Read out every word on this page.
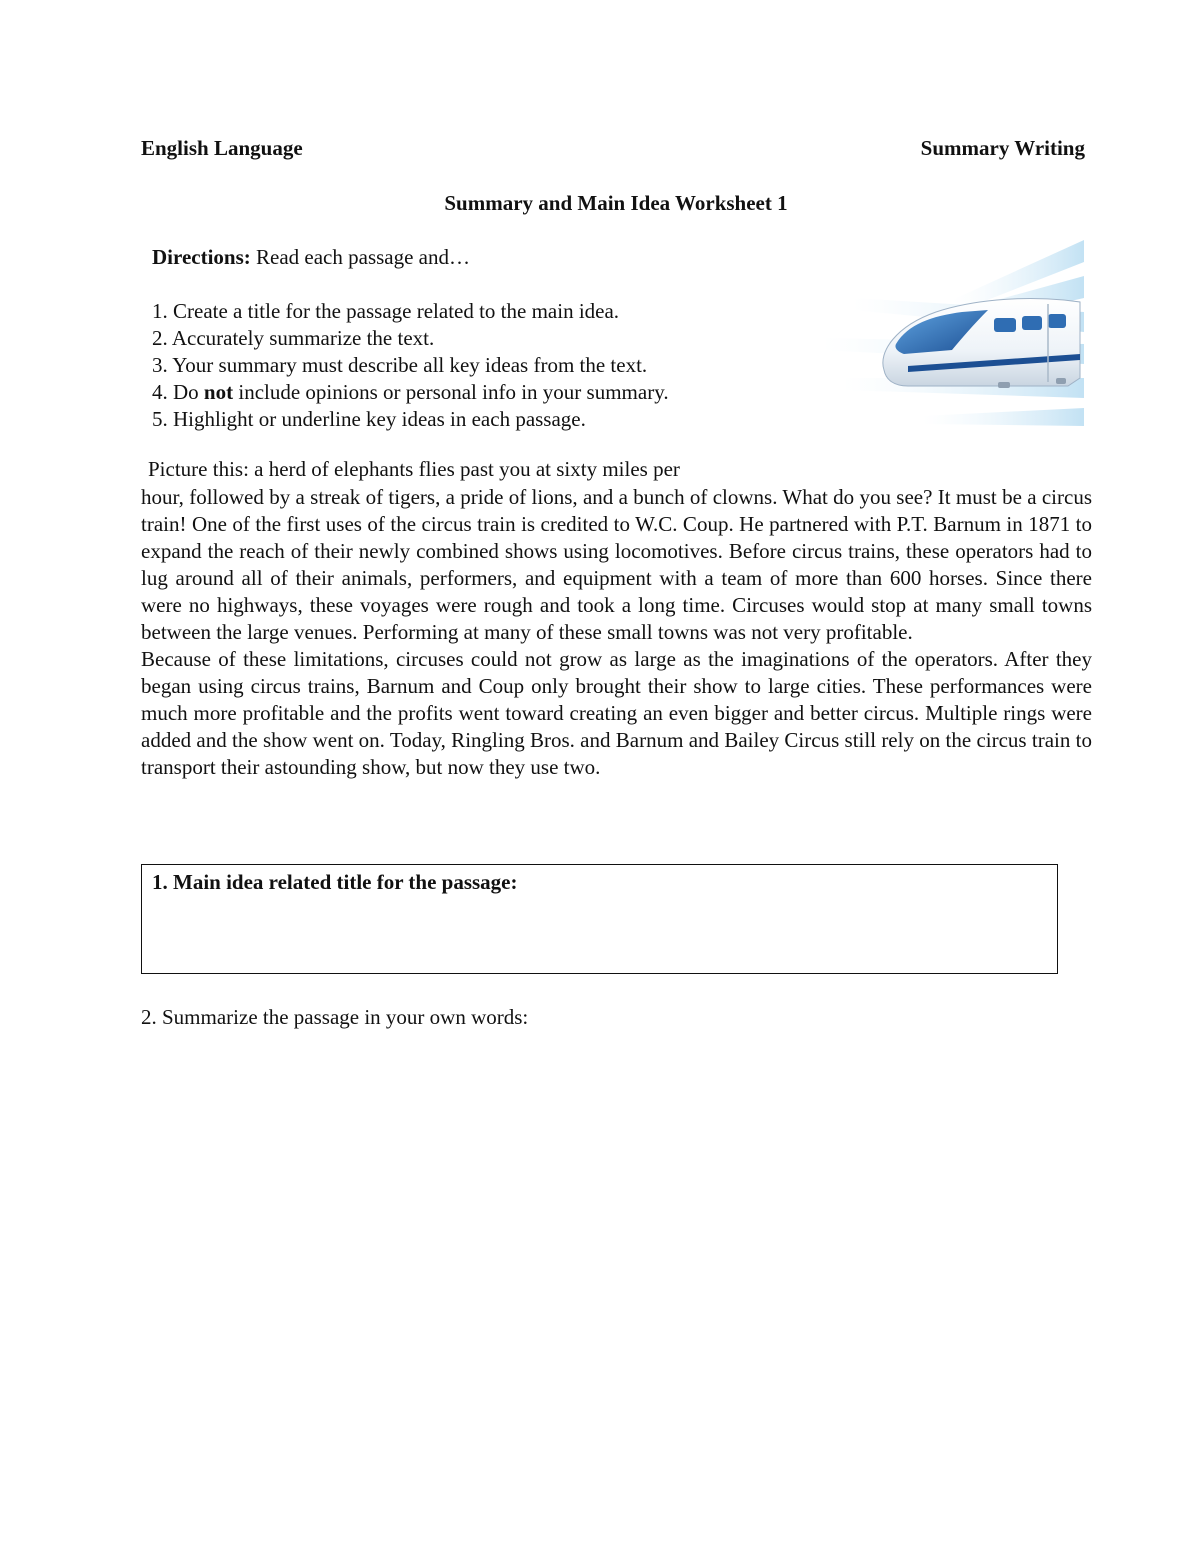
English Language	Summary Writing
Summary and Main Idea Worksheet 1
Directions: Read each passage and…
1. Create a title for the passage related to the main idea.
2. Accurately summarize the text.
3. Your summary must describe all key ideas from the text.
4. Do not include opinions or personal info in your summary.
5. Highlight or underline key ideas in each passage.
Picture this: a herd of elephants flies past you at sixty miles per

hour, followed by a streak of tigers, a pride of lions, and a bunch of clowns. What do you see? It must be a circus train! One of the first uses of the circus train is credited to W.C. Coup. He partnered with P.T. Barnum in 1871 to expand the reach of their newly combined shows using locomotives. Before circus trains, these operators had to lug around all of their animals, performers, and equipment with a team of more than 600 horses. Since there were no highways, these voyages were rough and took a long time. Circuses would stop at many small towns between the large venues. Performing at many of these small towns was not very profitable.

Because of these limitations, circuses could not grow as large as the imaginations of the operators. After they began using circus trains, Barnum and Coup only brought their show to large cities. These performances were much more profitable and the profits went toward creating an even bigger and better circus. Multiple rings were added and the show went on. Today, Ringling Bros. and Barnum and Bailey Circus still rely on the circus train to transport their astounding show, but now they use two.

1. Main idea related title for the passage:
2. Summarize the passage in your own words:
